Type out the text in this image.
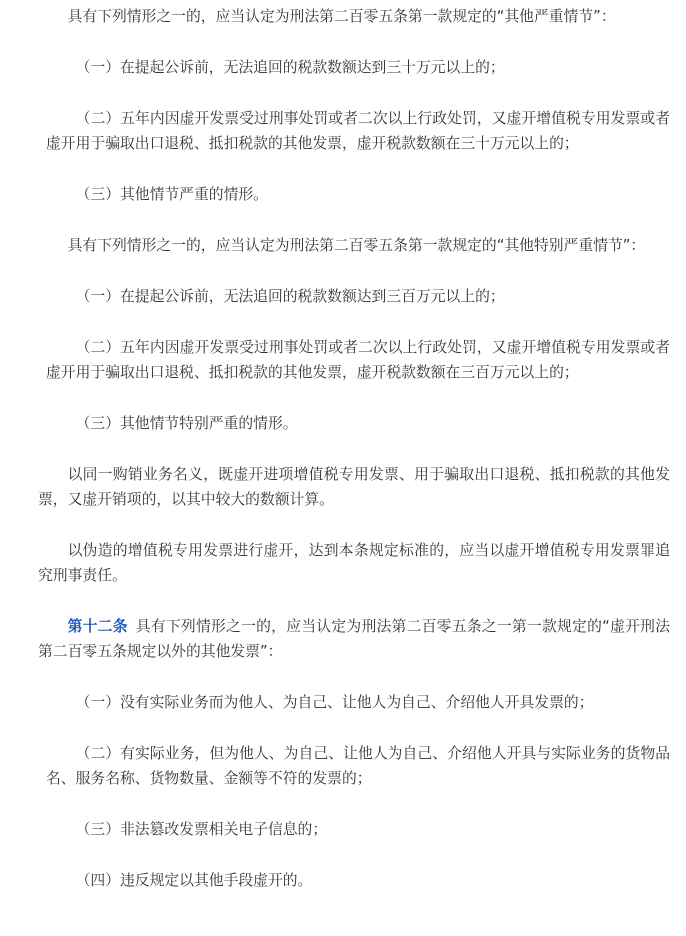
具有下列情形之一的，应当认定为刑法第二百零五条第一款规定的“其他严重情节”：

（一）在提起公诉前，无法追回的税款数额达到三十万元以上的；

（二）五年内因虚开发票受过刑事处罚或者二次以上行政处罚，又虚开增值税专用发票或者虚开用于骗取出口退税、抵扣税款的其他发票，虚开税款数额在三十万元以上的；

（三）其他情节严重的情形。

具有下列情形之一的，应当认定为刑法第二百零五条第一款规定的“其他特别严重情节”：

（一）在提起公诉前，无法追回的税款数额达到三百万元以上的；

（二）五年内因虚开发票受过刑事处罚或者二次以上行政处罚，又虚开增值税专用发票或者虚开用于骗取出口退税、抵扣税款的其他发票，虚开税款数额在三百万元以上的；

（三）其他情节特别严重的情形。

以同一购销业务名义，既虚开进项增值税专用发票、用于骗取出口退税、抵扣税款的其他发票，又虚开销项的，以其中较大的数额计算。

以伪造的增值税专用发票进行虚开，达到本条规定标准的，应当以虚开增值税专用发票罪追究刑事责任。

第十二条 具有下列情形之一的，应当认定为刑法第二百零五条之一第一款规定的“虚开刑法第二百零五条规定以外的其他发票”：

（一）没有实际业务而为他人、为自己、让他人为自己、介绍他人开具发票的；

（二）有实际业务，但为他人、为自己、让他人为自己、介绍他人开具与实际业务的货物品名、服务名称、货物数量、金额等不符的发票的；

（三）非法篡改发票相关电子信息的；

（四）违反规定以其他手段虚开的。
